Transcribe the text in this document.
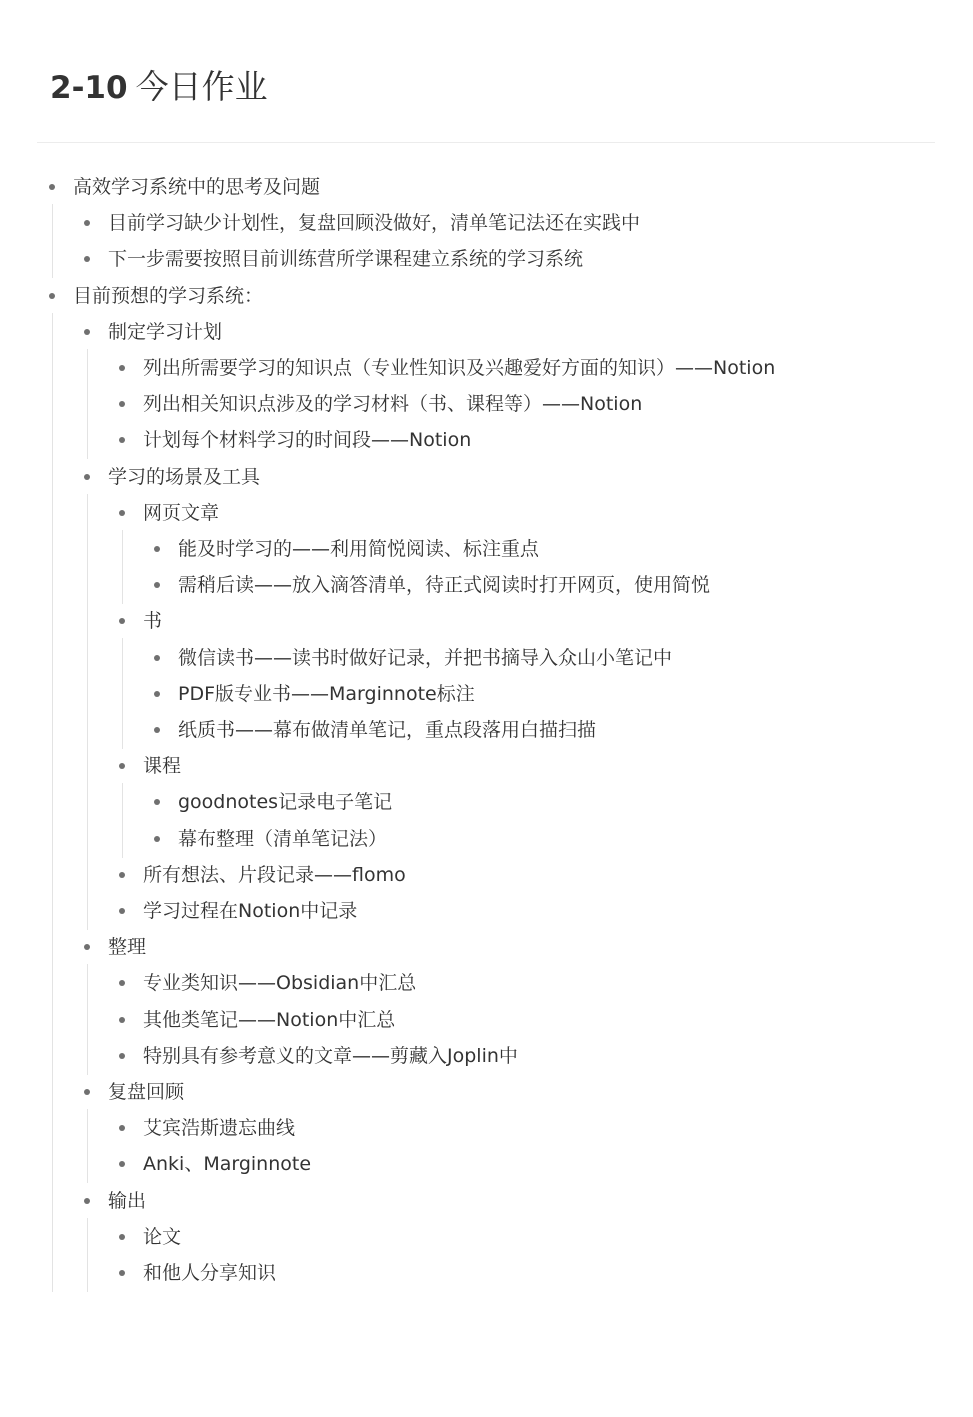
2-10 今日作业
高效学习系统中的思考及问题
目前学习缺少计划性，复盘回顾没做好，清单笔记法还在实践中
下一步需要按照目前训练营所学课程建立系统的学习系统
目前预想的学习系统：
制定学习计划
列出所需要学习的知识点（专业性知识及兴趣爱好方面的知识）——Notion
列出相关知识点涉及的学习材料（书、课程等）——Notion
计划每个材料学习的时间段——Notion
学习的场景及工具
网页文章
能及时学习的——利用简悦阅读、标注重点
需稍后读——放入滴答清单，待正式阅读时打开网页，使用简悦
书
微信读书——读书时做好记录，并把书摘导入众山小笔记中
PDF版专业书——Marginnote标注
纸质书——幕布做清单笔记，重点段落用白描扫描
课程
goodnotes记录电子笔记
幕布整理（清单笔记法）
所有想法、片段记录——flomo
学习过程在Notion中记录
整理
专业类知识——Obsidian中汇总
其他类笔记——Notion中汇总
特别具有参考意义的文章——剪藏入Joplin中
复盘回顾
艾宾浩斯遗忘曲线
Anki、Marginnote
输出
论文
和他人分享知识
